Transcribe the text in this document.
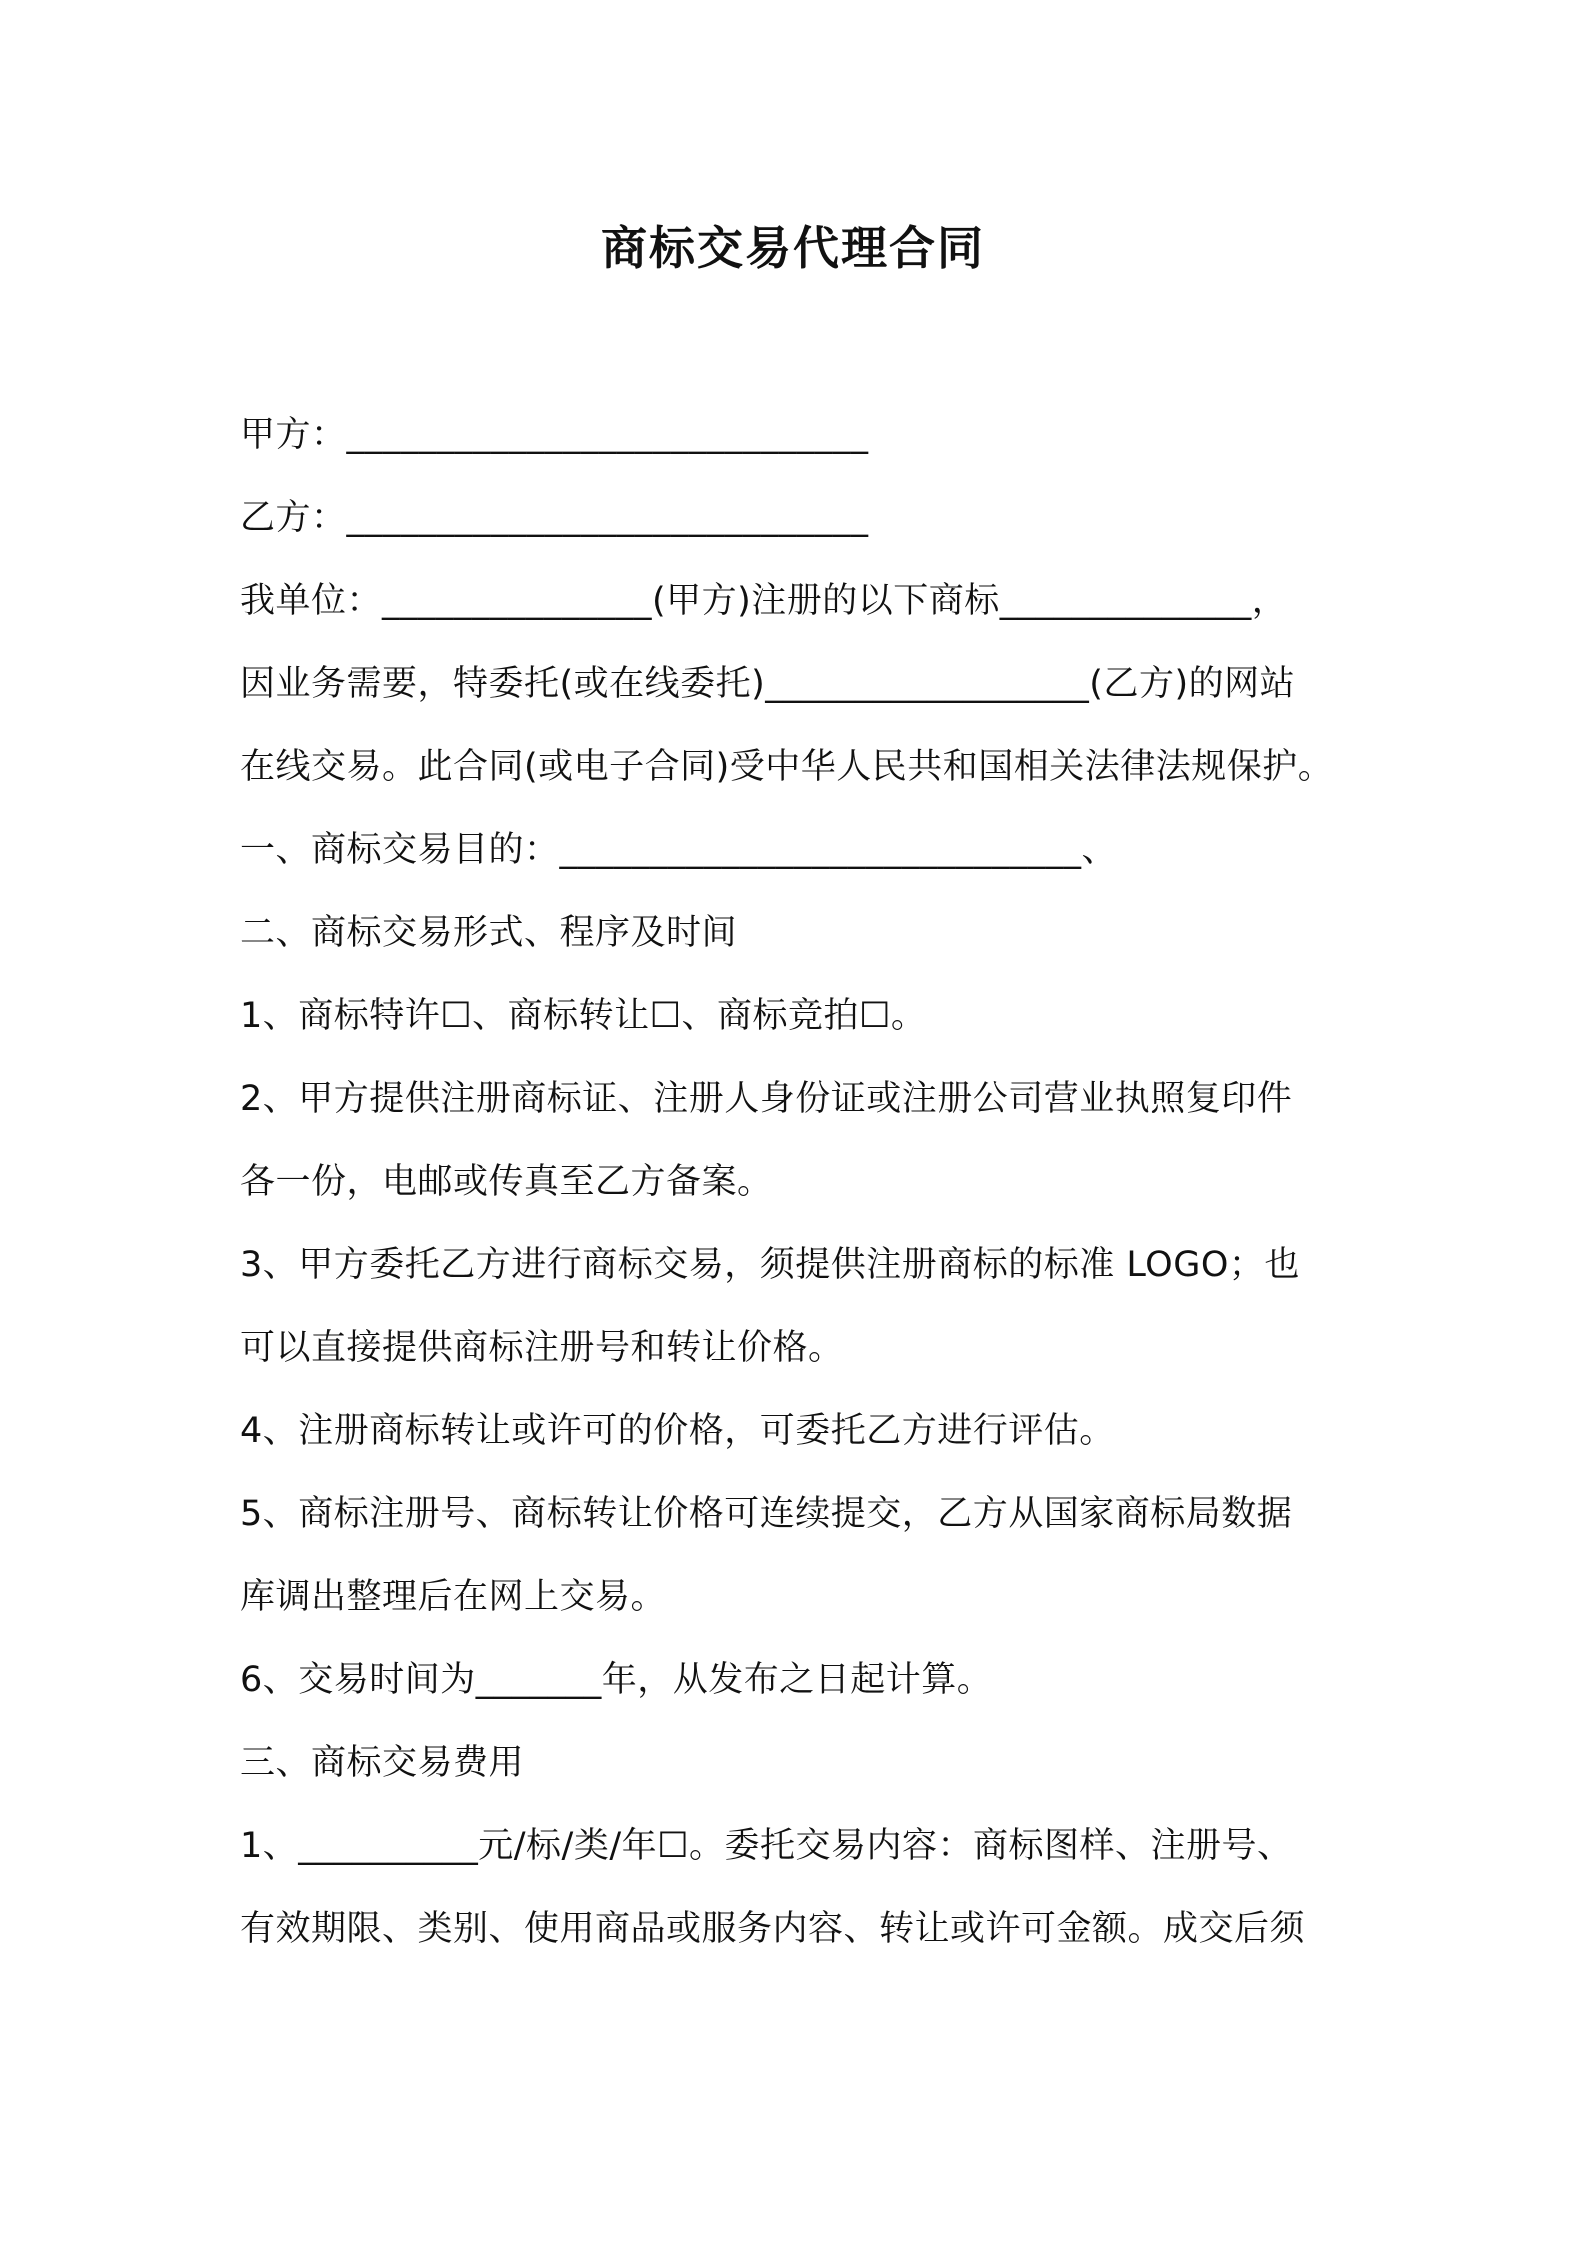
商标交易代理合同
甲方：_____________________________
乙方：_____________________________
我单位：_______________(甲方)注册的以下商标______________，
因业务需要，特委托(或在线委托)__________________(乙方)的网站
在线交易。此合同(或电子合同)受中华人民共和国相关法律法规保护。
一、商标交易目的：_____________________________、
二、商标交易形式、程序及时间
1、商标特许☐、商标转让☐、商标竞拍☐。
2、甲方提供注册商标证、注册人身份证或注册公司营业执照复印件
各一份，电邮或传真至乙方备案。
3、甲方委托乙方进行商标交易，须提供注册商标的标准 LOGO；也
可以直接提供商标注册号和转让价格。
4、注册商标转让或许可的价格，可委托乙方进行评估。
5、商标注册号、商标转让价格可连续提交，乙方从国家商标局数据
库调出整理后在网上交易。
6、交易时间为_______年，从发布之日起计算。
三、商标交易费用
1、__________元/标/类/年☐。委托交易内容：商标图样、注册号、
有效期限、类别、使用商品或服务内容、转让或许可金额。成交后须
